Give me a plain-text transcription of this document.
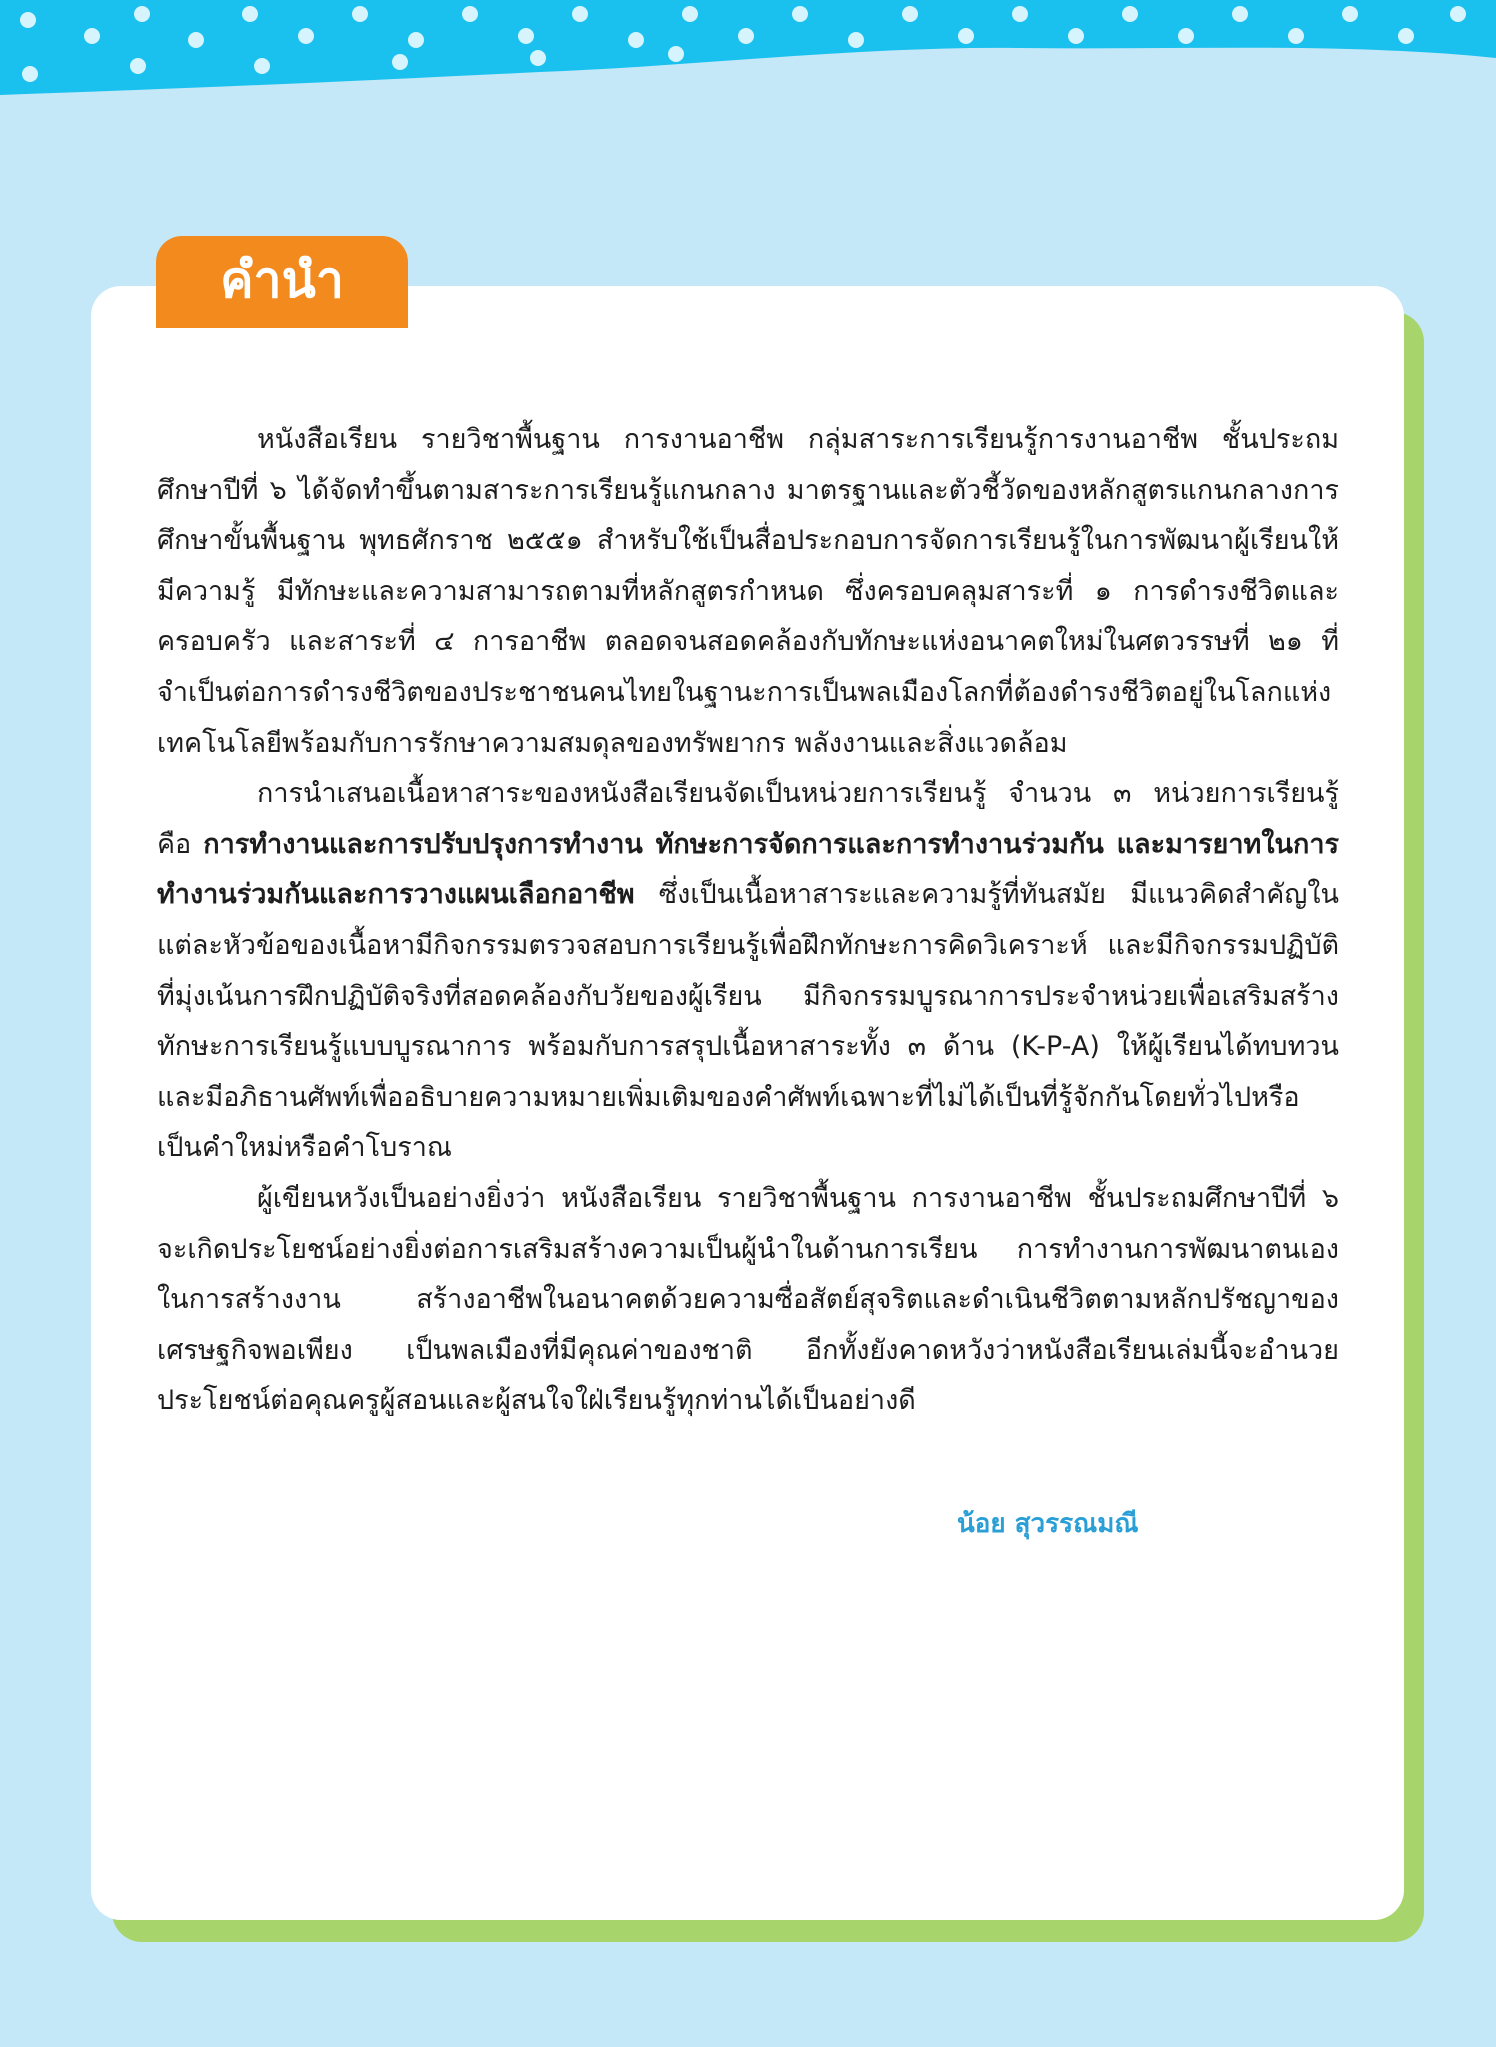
คำนำ

หนังสือเรียน รายวิชาพื้นฐาน การงานอาชีพ กลุ่มสาระการเรียนรู้การงานอาชีพ ชั้นประถมศึกษาปีที่ ๖ ได้จัดทำขึ้นตามสาระการเรียนรู้แกนกลาง มาตรฐานและตัวชี้วัดของหลักสูตรแกนกลางการศึกษาขั้นพื้นฐาน พุทธศักราช ๒๕๕๑ สำหรับใช้เป็นสื่อประกอบการจัดการเรียนรู้ในการพัฒนาผู้เรียนให้มีความรู้ มีทักษะและความสามารถตามที่หลักสูตรกำหนด ซึ่งครอบคลุมสาระที่ ๑ การดำรงชีวิตและครอบครัว และสาระที่ ๔ การอาชีพ ตลอดจนสอดคล้องกับทักษะแห่งอนาคตใหม่ในศตวรรษที่ ๒๑ ที่จำเป็นต่อการดำรงชีวิตของประชาชนคนไทยในฐานะการเป็นพลเมืองโลกที่ต้องดำรงชีวิตอยู่ในโลกแห่งเทคโนโลยีพร้อมกับการรักษาความสมดุลของทรัพยากร พลังงานและสิ่งแวดล้อม

การนำเสนอเนื้อหาสาระของหนังสือเรียนจัดเป็นหน่วยการเรียนรู้ จำนวน ๓ หน่วยการเรียนรู้ คือ การทำงานและการปรับปรุงการทำงาน ทักษะการจัดการและการทำงานร่วมกัน และมารยาทในการทำงานร่วมกันและการวางแผนเลือกอาชีพ ซึ่งเป็นเนื้อหาสาระและความรู้ที่ทันสมัย มีแนวคิดสำคัญในแต่ละหัวข้อของเนื้อหามีกิจกรรมตรวจสอบการเรียนรู้เพื่อฝึกทักษะการคิดวิเคราะห์ และมีกิจกรรมปฏิบัติที่มุ่งเน้นการฝึกปฏิบัติจริงที่สอดคล้องกับวัยของผู้เรียน มีกิจกรรมบูรณาการประจำหน่วยเพื่อเสริมสร้างทักษะการเรียนรู้แบบบูรณาการ พร้อมกับการสรุปเนื้อหาสาระทั้ง ๓ ด้าน (K-P-A) ให้ผู้เรียนได้ทบทวน และมีอภิธานศัพท์เพื่ออธิบายความหมายเพิ่มเติมของคำศัพท์เฉพาะที่ไม่ได้เป็นที่รู้จักกันโดยทั่วไปหรือเป็นคำใหม่หรือคำโบราณ

ผู้เขียนหวังเป็นอย่างยิ่งว่า หนังสือเรียน รายวิชาพื้นฐาน การงานอาชีพ ชั้นประถมศึกษาปีที่ ๖ จะเกิดประโยชน์อย่างยิ่งต่อการเสริมสร้างความเป็นผู้นำในด้านการเรียน การทำงานการพัฒนาตนเองในการสร้างงาน สร้างอาชีพในอนาคตด้วยความซื่อสัตย์สุจริตและดำเนินชีวิตตามหลักปรัชญาของเศรษฐกิจพอเพียง เป็นพลเมืองที่มีคุณค่าของชาติ อีกทั้งยังคาดหวังว่าหนังสือเรียนเล่มนี้จะอำนวยประโยชน์ต่อคุณครูผู้สอนและผู้สนใจใฝ่เรียนรู้ทุกท่านได้เป็นอย่างดี

น้อย สุวรรณมณี
